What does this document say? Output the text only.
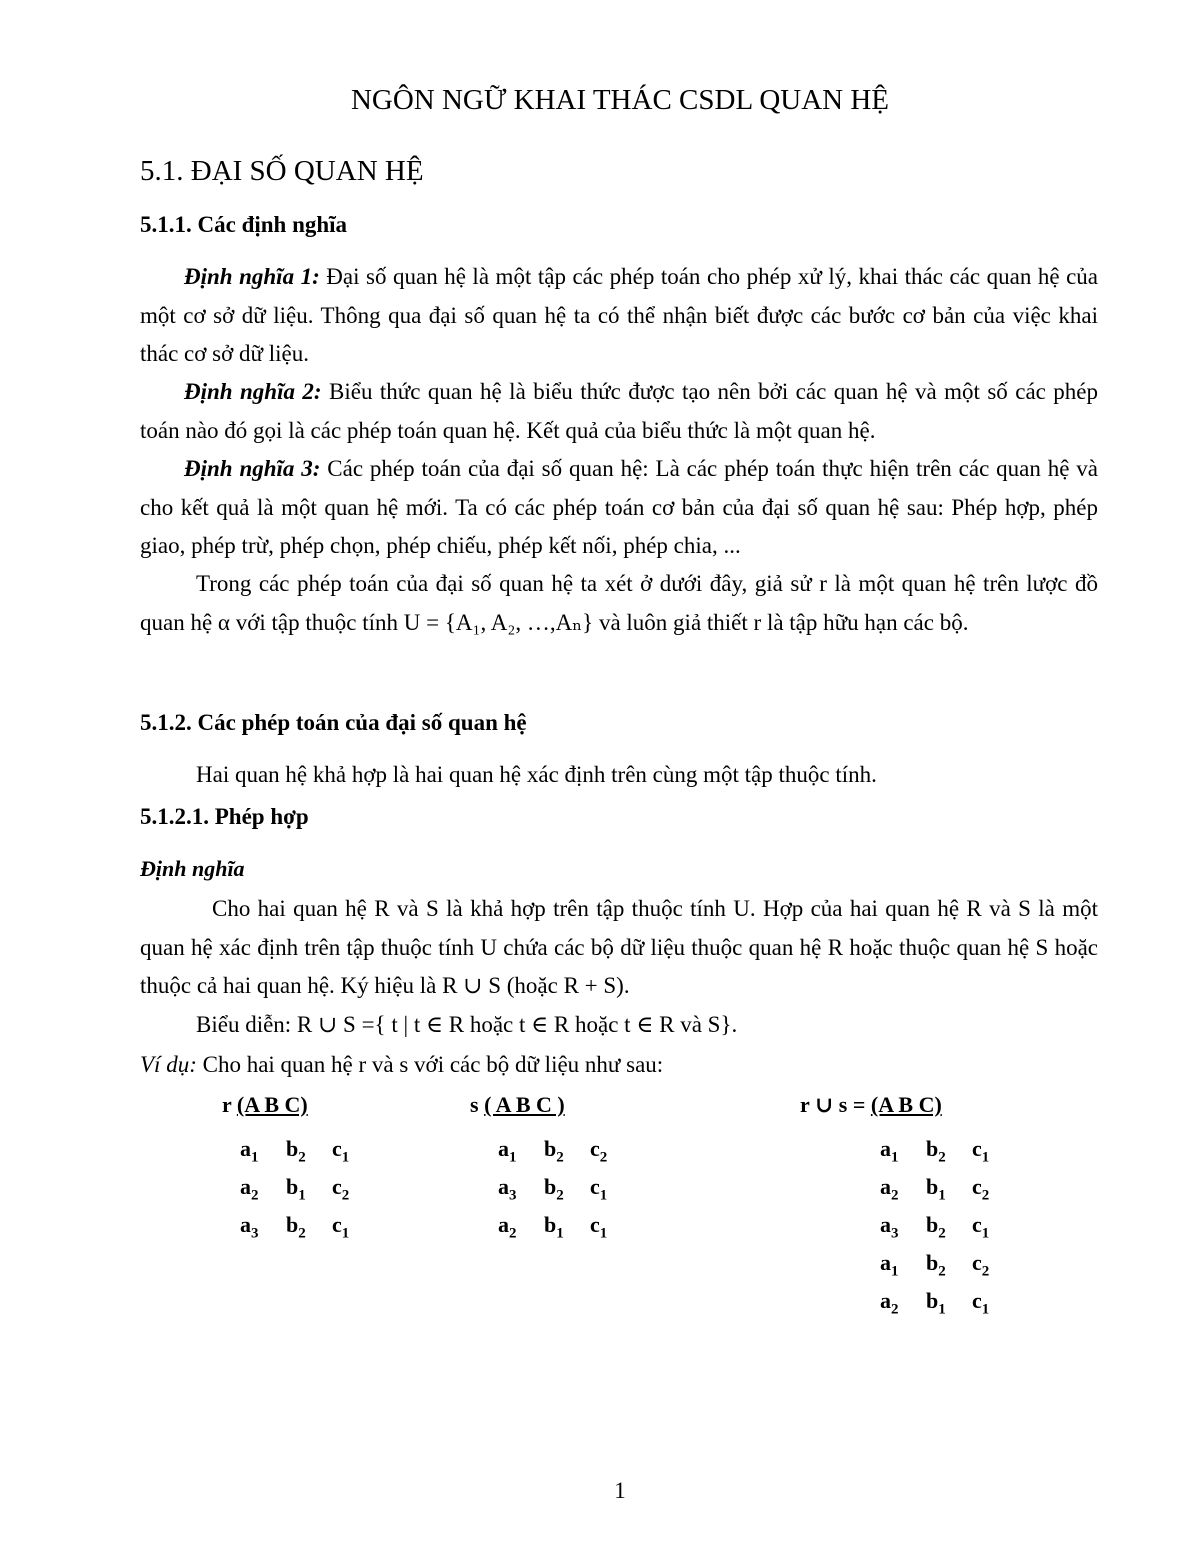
NGÔN NGỮ KHAI THÁC CSDL QUAN HỆ
5.1. ĐẠI SỐ QUAN HỆ
5.1.1. Các định nghĩa
Định nghĩa 1: Đại số quan hệ là một tập các phép toán cho phép xử lý, khai thác các quan hệ của một cơ sở dữ liệu. Thông qua đại số quan hệ ta có thể nhận biết được các bước cơ bản của việc khai thác cơ sở dữ liệu.
Định nghĩa 2: Biểu thức quan hệ là biểu thức được tạo nên bởi các quan hệ và một số các phép toán nào đó gọi là các phép toán quan hệ. Kết quả của biểu thức là một quan hệ.
Định nghĩa 3: Các phép toán của đại số quan hệ: Là các phép toán thực hiện trên các quan hệ và cho kết quả là một quan hệ mới. Ta có các phép toán cơ bản của đại số quan hệ sau: Phép hợp, phép giao, phép trừ, phép chọn, phép chiếu, phép kết nối, phép chia, ...
Trong các phép toán của đại số quan hệ ta xét ở dưới đây, giả sử r là một quan hệ trên lược đồ quan hệ α với tập thuộc tính U = {A₁, A₂, …,Aₙ} và luôn giả thiết r là tập hữu hạn các bộ.
5.1.2. Các phép toán của đại số quan hệ
Hai quan hệ khả hợp là hai quan hệ xác định trên cùng một tập thuộc tính.
5.1.2.1. Phép hợp
Định nghĩa
Cho hai quan hệ R và S là khả hợp trên tập thuộc tính U. Hợp của hai quan hệ R và S là một quan hệ xác định trên tập thuộc tính U chứa các bộ dữ liệu thuộc quan hệ R hoặc thuộc quan hệ S hoặc thuộc cả hai quan hệ. Ký hiệu là R ∪ S (hoặc R + S).
Biểu diễn: R ∪ S ={ t | t ∈ R hoặc t ∈ R hoặc t ∈ R và S}.
Ví dụ: Cho hai quan hệ r và s với các bộ dữ liệu như sau:
r (A B C)
$a_1$ $b_2$ $c_1$
$a_2$ $b_1$ $c_2$
$a_3$ $b_2$ $c_1$
s ( A B C )
$a_1$ $b_2$ $c_2$
$a_3$ $b_2$ $c_1$
$a_2$ $b_1$ $c_1$
r ∪ s = (A B C)
$a_1$ $b_2$ $c_1$
$a_2$ $b_1$ $c_2$
$a_3$ $b_2$ $c_1$
$a_1$ $b_2$ $c_2$
$a_2$ $b_1$ $c_1$
1
